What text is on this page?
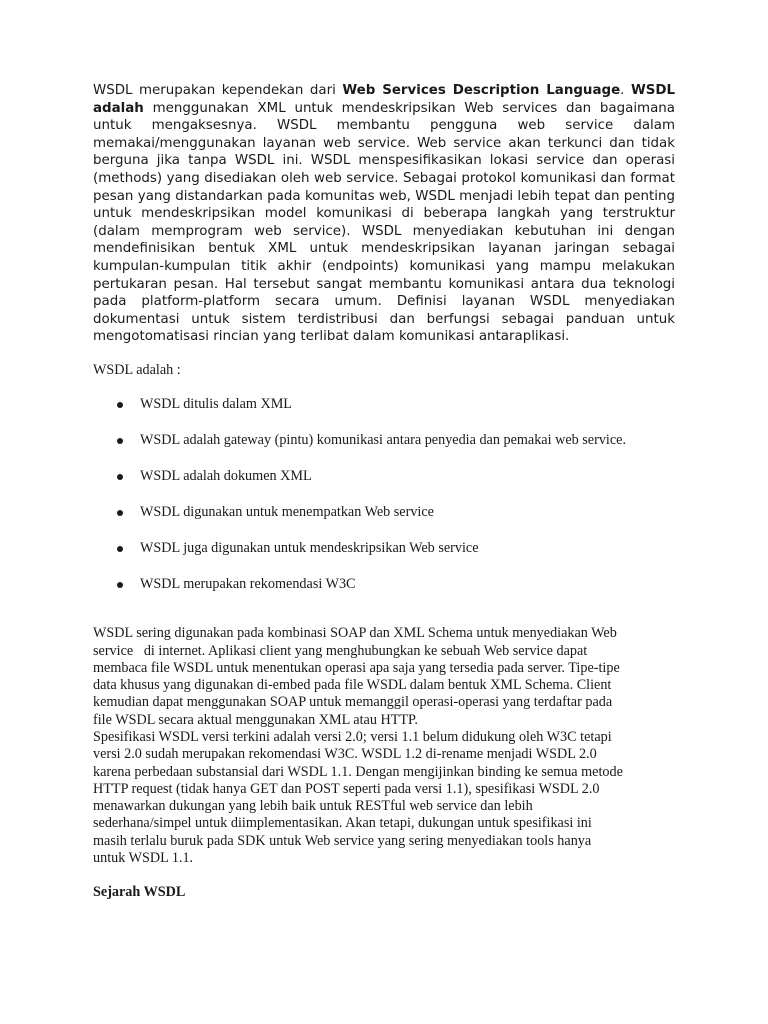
WSDL merupakan kependekan dari Web Services Description Language. WSDL adalah menggunakan XML untuk mendeskripsikan Web services dan bagaimana untuk mengaksesnya. WSDL membantu pengguna web service dalam memakai/menggunakan layanan web service. Web service akan terkunci dan tidak berguna jika tanpa WSDL ini. WSDL menspesifikasikan lokasi service dan operasi (methods) yang disediakan oleh web service. Sebagai protokol komunikasi dan format pesan yang distandarkan pada komunitas web, WSDL menjadi lebih tepat dan penting untuk mendeskripsikan model komunikasi di beberapa langkah yang terstruktur (dalam memprogram web service). WSDL menyediakan kebutuhan ini dengan mendefinisikan bentuk XML untuk mendeskripsikan layanan jaringan sebagai kumpulan-kumpulan titik akhir (endpoints) komunikasi yang mampu melakukan pertukaran pesan. Hal tersebut sangat membantu komunikasi antara dua teknologi pada platform-platform secara umum. Definisi layanan WSDL menyediakan dokumentasi untuk sistem terdistribusi dan berfungsi sebagai panduan untuk mengotomatisasi rincian yang terlibat dalam komunikasi antaraplikasi.

WSDL adalah :

WSDL ditulis dalam XML
WSDL adalah gateway (pintu) komunikasi antara penyedia dan pemakai web service.
WSDL adalah dokumen XML
WSDL digunakan untuk menempatkan Web service
WSDL juga digunakan untuk mendeskripsikan Web service
WSDL merupakan rekomendasi W3C
WSDL sering digunakan pada kombinasi SOAP dan XML Schema untuk menyediakan Web
service   di internet. Aplikasi client yang menghubungkan ke sebuah Web service dapat
membaca file WSDL untuk menentukan operasi apa saja yang tersedia pada server. Tipe-tipe
data khusus yang digunakan di-embed pada file WSDL dalam bentuk XML Schema. Client
kemudian dapat menggunakan SOAP untuk memanggil operasi-operasi yang terdaftar pada
file WSDL secara aktual menggunakan XML atau HTTP.
Spesifikasi WSDL versi terkini adalah versi 2.0; versi 1.1 belum didukung oleh W3C tetapi
versi 2.0 sudah merupakan rekomendasi W3C. WSDL 1.2 di-rename menjadi WSDL 2.0
karena perbedaan substansial dari WSDL 1.1. Dengan mengijinkan binding ke semua metode
HTTP request (tidak hanya GET dan POST seperti pada versi 1.1), spesifikasi WSDL 2.0
menawarkan dukungan yang lebih baik untuk RESTful web service dan lebih
sederhana/simpel untuk diimplementasikan. Akan tetapi, dukungan untuk spesifikasi ini
masih terlalu buruk pada SDK untuk Web service yang sering menyediakan tools hanya
untuk WSDL 1.1.

Sejarah WSDL
